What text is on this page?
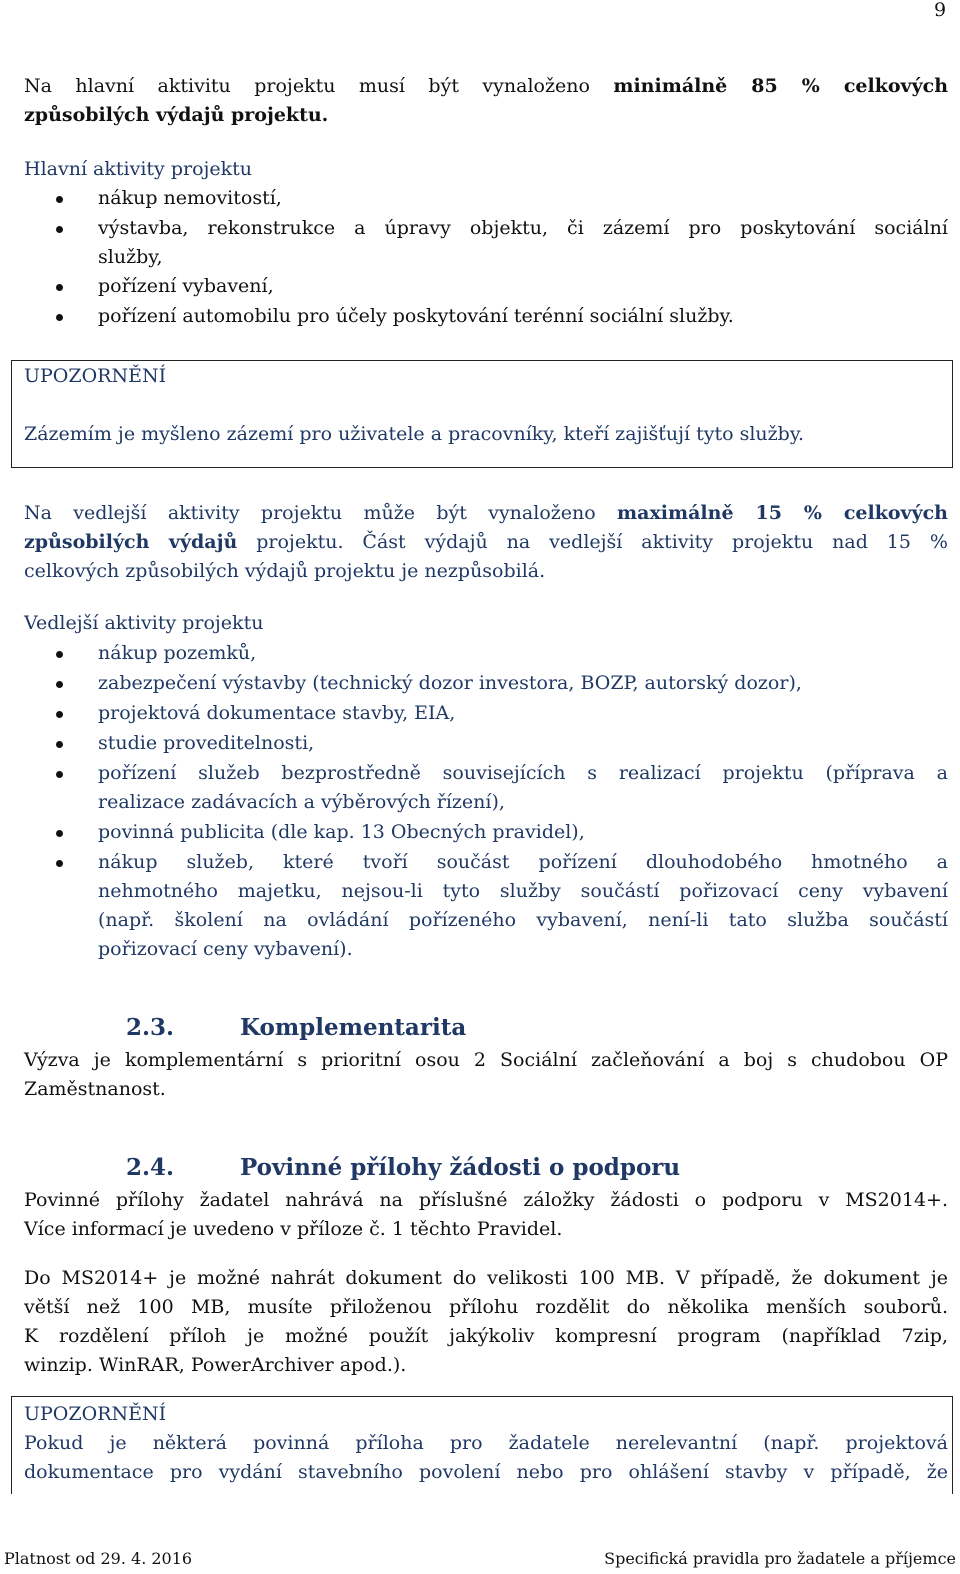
9
Na hlavní aktivitu projektu musí být vynaloženo minimálně 85 % celkových
způsobilých výdajů projektu.
Hlavní aktivity projektu
nákup nemovitostí,
výstavba, rekonstrukce a úpravy objektu, či zázemí pro poskytování sociální
služby,
pořízení vybavení,
pořízení automobilu pro účely poskytování terénní sociální služby.
UPOZORNĚNÍ
Zázemím je myšleno zázemí pro uživatele a pracovníky, kteří zajišťují tyto služby.
Na vedlejší aktivity projektu může být vynaloženo maximálně 15 % celkových
způsobilých výdajů projektu. Část výdajů na vedlejší aktivity projektu nad 15 %
celkových způsobilých výdajů projektu je nezpůsobilá.
Vedlejší aktivity projektu
nákup pozemků,
zabezpečení výstavby (technický dozor investora, BOZP, autorský dozor),
projektová dokumentace stavby, EIA,
studie proveditelnosti,
pořízení služeb bezprostředně souvisejících s realizací projektu (příprava a
realizace zadávacích a výběrových řízení),
povinná publicita (dle kap. 13 Obecných pravidel),
nákup služeb, které tvoří součást pořízení dlouhodobého hmotného a
nehmotného majetku, nejsou-li tyto služby součástí pořizovací ceny vybavení
(např. školení na ovládání pořízeného vybavení, není-li tato služba součástí
pořizovací ceny vybavení).
2.3.	Komplementarita
Výzva je komplementární s prioritní osou 2 Sociální začleňování a boj s chudobou OP
Zaměstnanost.
2.4.	Povinné přílohy žádosti o podporu
Povinné přílohy žadatel nahrává na příslušné záložky žádosti o podporu v MS2014+.
Více informací je uvedeno v příloze č. 1 těchto Pravidel.
Do MS2014+ je možné nahrát dokument do velikosti 100 MB. V případě, že dokument je
větší než 100 MB, musíte přiloženou přílohu rozdělit do několika menších souborů.
K rozdělení příloh je možné použít jakýkoliv kompresní program (například 7zip,
winzip. WinRAR, PowerArchiver apod.).
UPOZORNĚNÍ
Pokud je některá povinná příloha pro žadatele nerelevantní (např. projektová
dokumentace pro vydání stavebního povolení nebo pro ohlášení stavby v případě, že
Platnost od 29. 4. 2016	Specifická pravidla pro žadatele a příjemce
